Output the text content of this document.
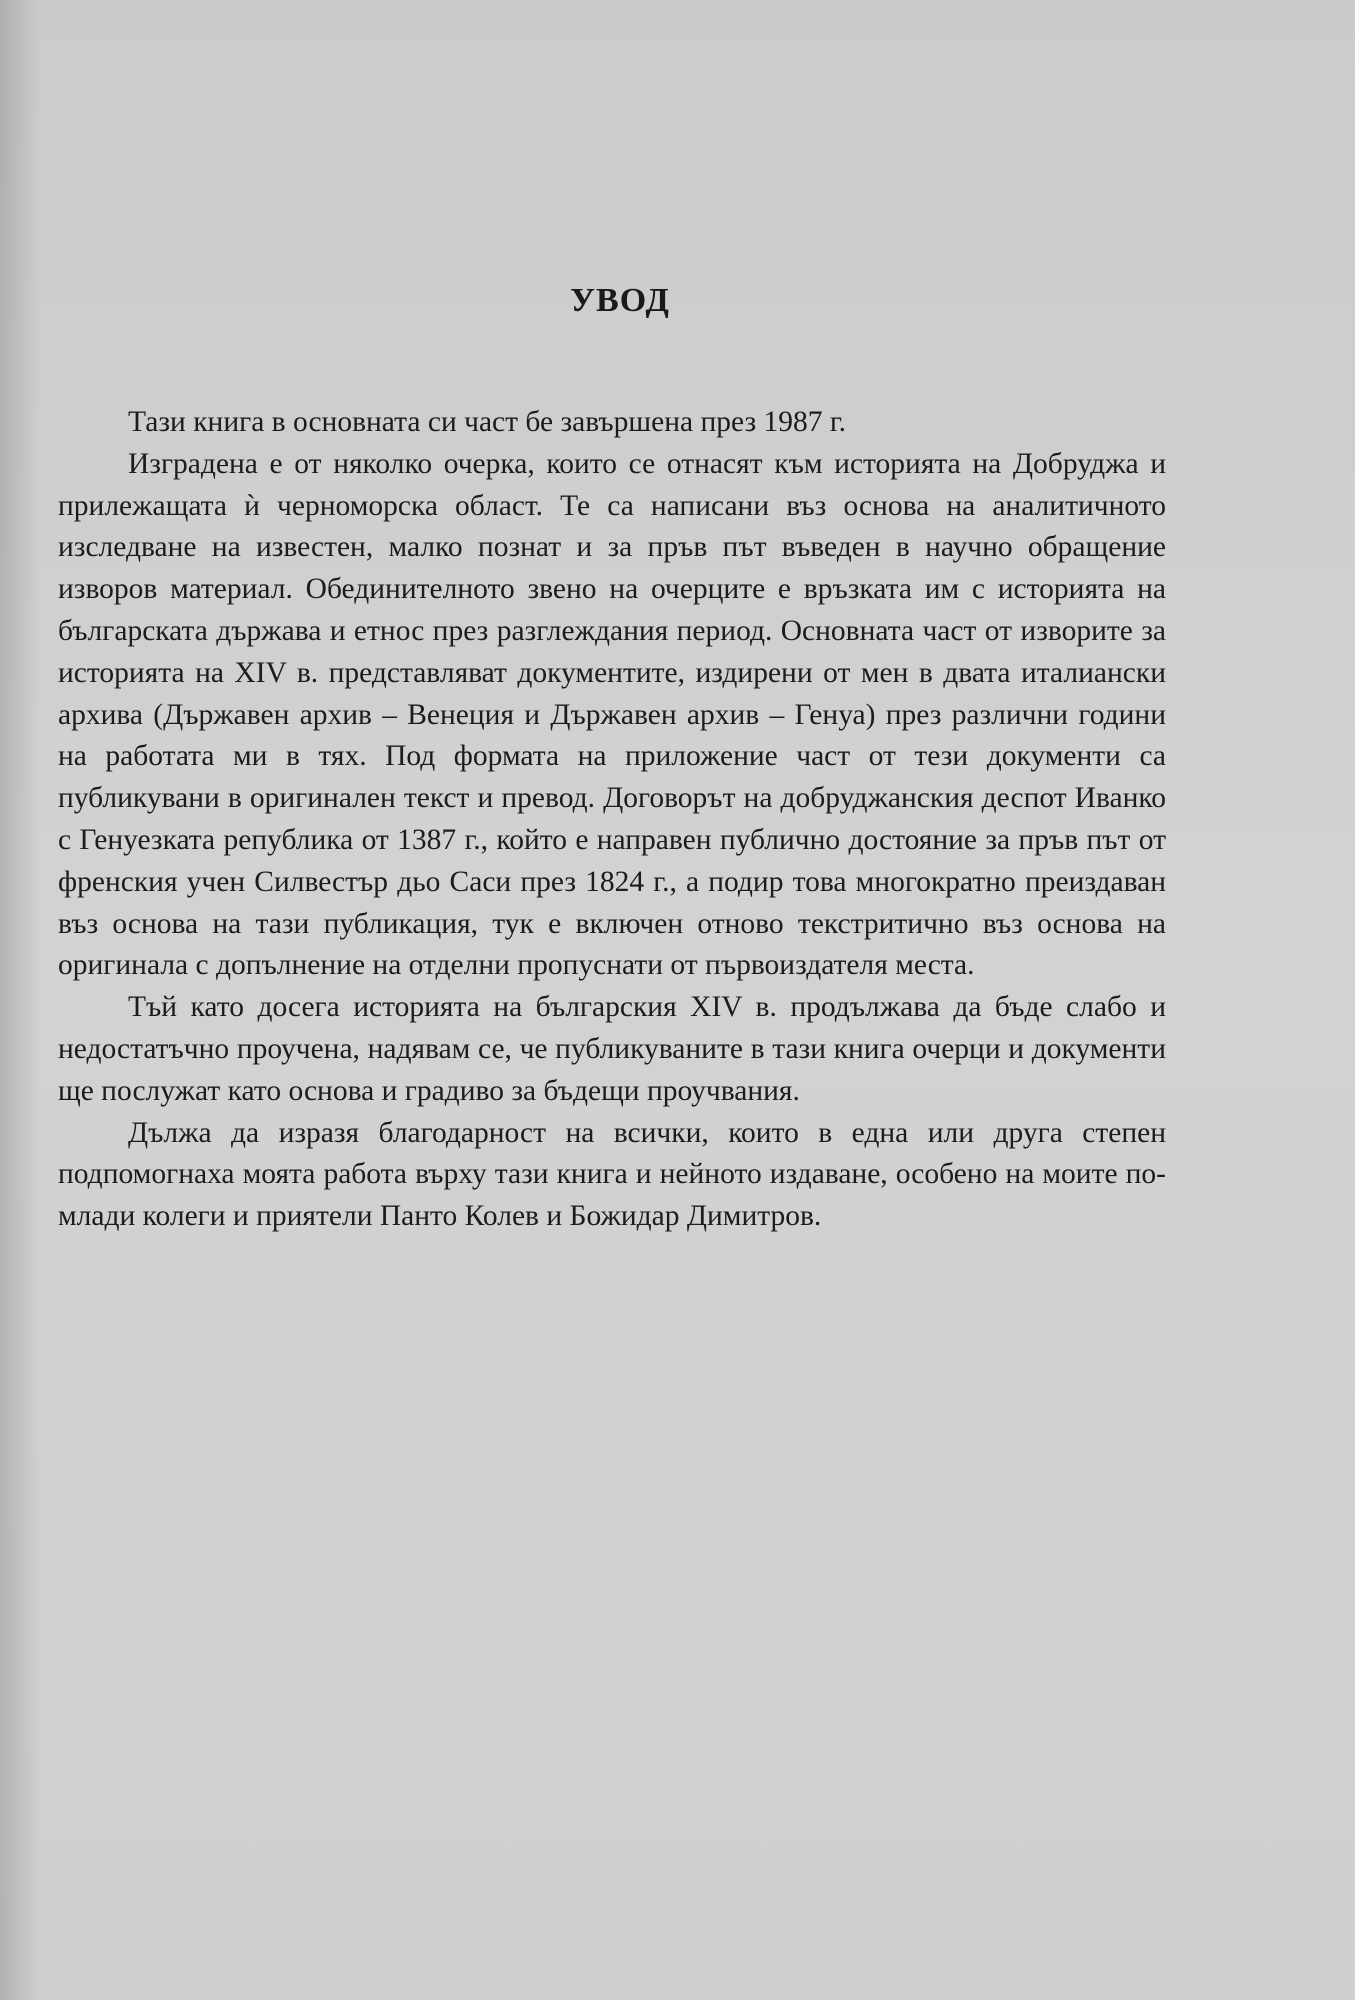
УВОД

Тази книга в основната си част бе завършена през 1987 г.

Изградена е от няколко очерка, които се отнасят към историята на Добруджа и прилежащата ѝ черноморска област. Те са написани въз основа на аналитичното изследване на известен, малко познат и за пръв път въведен в научно обращение изворов материал. Обединителното звено на очерците е връзката им с историята на българската държава и етнос през разглеждания период. Основната част от изворите за историята на XIV в. представляват документите, издирени от мен в двата италиански архива (Държавен архив – Венеция и Държавен архив – Генуа) през различни години на работата ми в тях. Под формата на приложение част от тези документи са публикувани в оригинален текст и превод. Договорът на добруджанския деспот Иванко с Генуезката република от 1387 г., който е направен публично достояние за пръв път от френския учен Силвестър дьо Саси през 1824 г., а подир това многократно преиздаван въз основа на тази публикация, тук е включен отново текстритично въз основа на оригинала с допълнение на отделни пропуснати от първоиздателя места.

Тъй като досега историята на българския XIV в. продължава да бъде слабо и недостатъчно проучена, надявам се, че публикуваните в тази книга очерци и документи ще послужат като основа и градиво за бъдещи проучвания.

Дължа да изразя благодарност на всички, които в една или друга степен подпомогнаха моята работа върху тази книга и нейното издаване, особено на моите по-млади колеги и приятели Панто Колев и Божидар Димитров.
